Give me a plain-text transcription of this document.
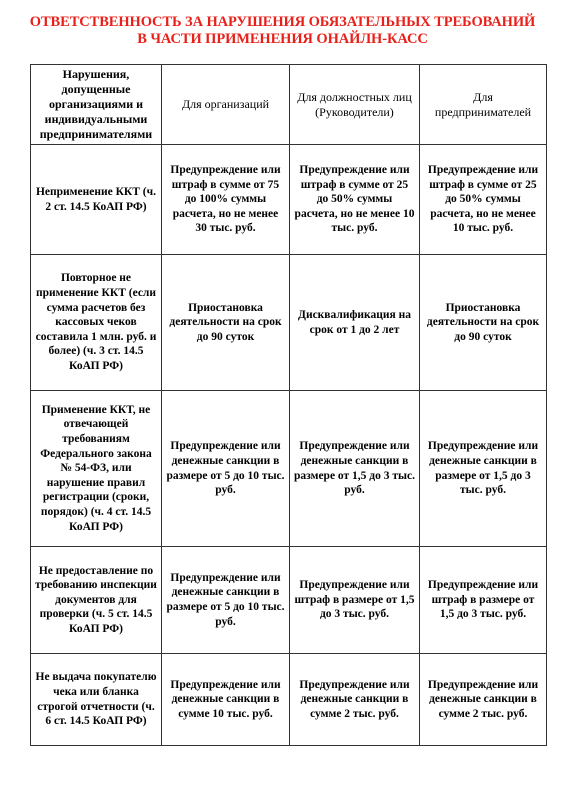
ОТВЕТСТВЕННОСТЬ ЗА НАРУШЕНИЯ ОБЯЗАТЕЛЬНЫХ ТРЕБОВАНИЙ
В ЧАСТИ ПРИМЕНЕНИЯ ОНАЙЛН-КАСС
Нарушения, допущенные организациями и индивидуальными предпринимателями	Для организаций	Для должностных лиц (Руководители)	Для предпринимателей
Неприменение ККТ (ч. 2 ст. 14.5 КоАП РФ)	Предупреждение или штраф в сумме от 75 до 100% суммы расчета, но не менее 30 тыс. руб.	Предупреждение или штраф в сумме от 25 до 50% суммы расчета, но не менее 10 тыс. руб.	Предупреждение или штраф в сумме от 25 до 50% суммы расчета, но не менее 10 тыс. руб.
Повторное не применение ККТ (если сумма расчетов без кассовых чеков составила 1 млн. руб. и более) (ч. 3 ст. 14.5 КоАП РФ)	Приостановка деятельности на срок до 90 суток	Дисквалификация на срок от 1 до 2 лет	Приостановка деятельности на срок до 90 суток
Применение ККТ, не отвечающей требованиям Федерального закона № 54-ФЗ, или нарушение правил регистрации (сроки, порядок) (ч. 4 ст. 14.5 КоАП РФ)	Предупреждение или денежные санкции в размере от 5 до 10 тыс. руб.	Предупреждение или денежные санкции в размере от 1,5 до 3 тыс. руб.	Предупреждение или денежные санкции в размере от 1,5 до 3 тыс. руб.
Не предоставление по требованию инспекции документов для проверки (ч. 5 ст. 14.5 КоАП РФ)	Предупреждение или денежные санкции в размере от 5 до 10 тыс. руб.	Предупреждение или штраф в размере от 1,5 до 3 тыс. руб.	Предупреждение или штраф в размере от 1,5 до 3 тыс. руб.
Не выдача покупателю чека или бланка строгой отчетности (ч. 6 ст. 14.5 КоАП РФ)	Предупреждение или денежные санкции в сумме 10 тыс. руб.	Предупреждение или денежные санкции в сумме 2 тыс. руб.	Предупреждение или денежные санкции в сумме 2 тыс. руб.
